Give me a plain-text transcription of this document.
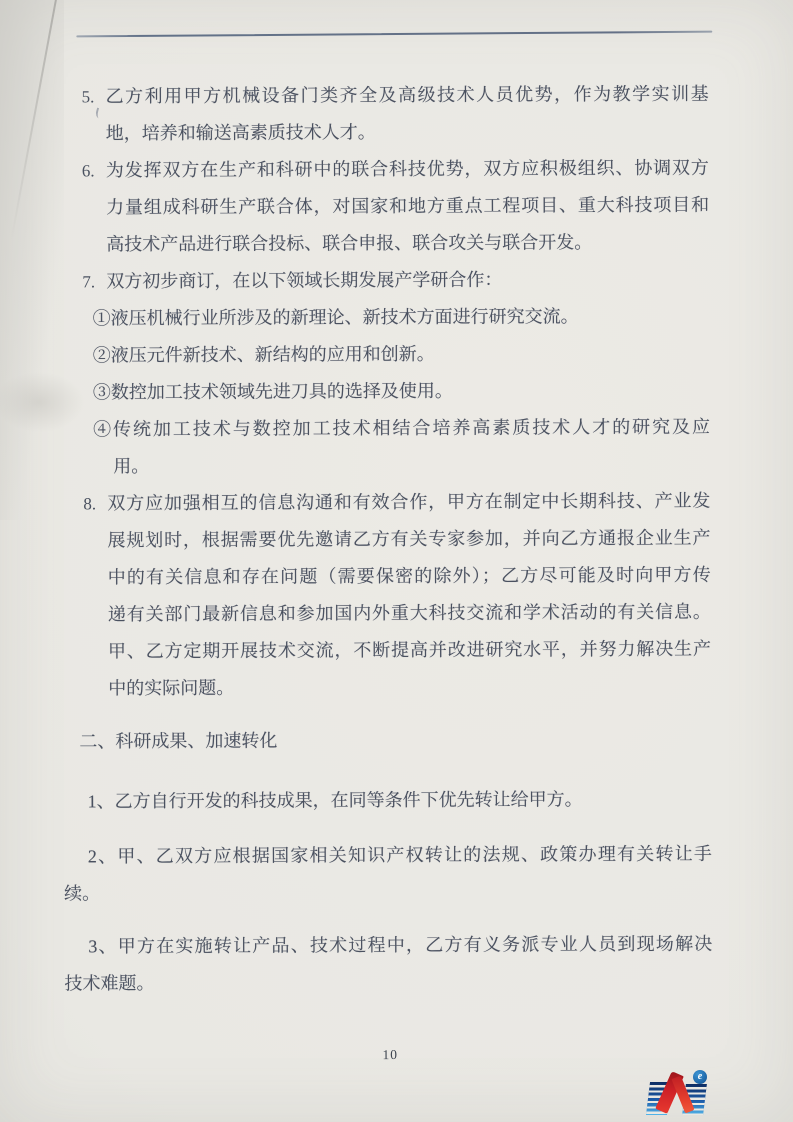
5. 乙方利用甲方机械设备门类齐全及高级技术人员优势，作为教学实训基
地，培养和输送高素质技术人才。
6. 为发挥双方在生产和科研中的联合科技优势，双方应积极组织、协调双方
力量组成科研生产联合体，对国家和地方重点工程项目、重大科技项目和
高技术产品进行联合投标、联合申报、联合攻关与联合开发。
7. 双方初步商订，在以下领域长期发展产学研合作：
①液压机械行业所涉及的新理论、新技术方面进行研究交流。
②液压元件新技术、新结构的应用和创新。
③数控加工技术领域先进刀具的选择及使用。
④传统加工技术与数控加工技术相结合培养高素质技术人才的研究及应
用。
8. 双方应加强相互的信息沟通和有效合作，甲方在制定中长期科技、产业发
展规划时，根据需要优先邀请乙方有关专家参加，并向乙方通报企业生产
中的有关信息和存在问题（需要保密的除外）；乙方尽可能及时向甲方传
递有关部门最新信息和参加国内外重大科技交流和学术活动的有关信息。
甲、乙方定期开展技术交流，不断提高并改进研究水平，并努力解决生产
中的实际问题。
二、科研成果、加速转化
1、乙方自行开发的科技成果，在同等条件下优先转让给甲方。
2、甲、乙双方应根据国家相关知识产权转让的法规、政策办理有关转让手
续。
3、甲方在实施转让产品、技术过程中，乙方有义务派专业人员到现场解决
技术难题。
10
e
